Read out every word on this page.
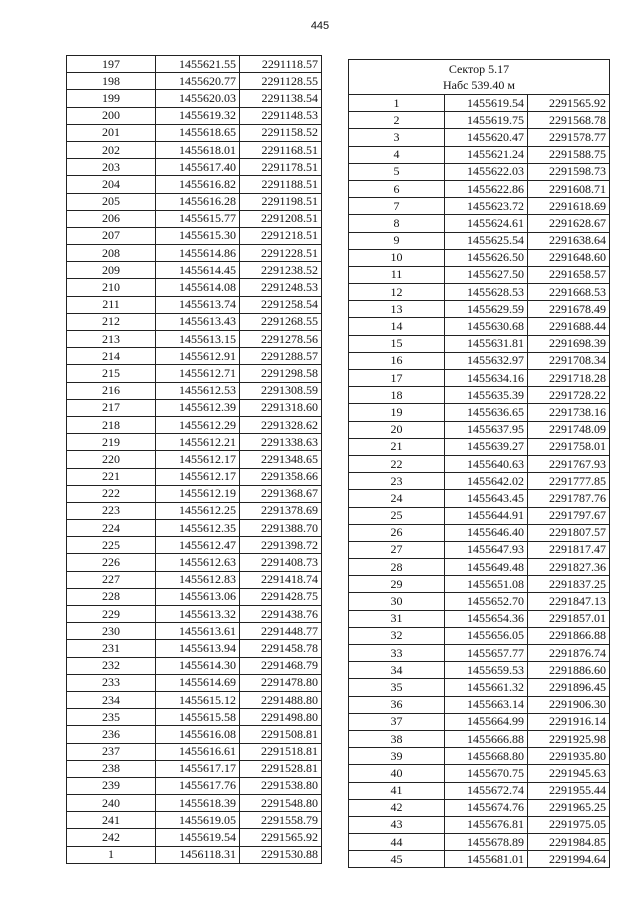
445
197	1455621.55	2291118.57
198	1455620.77	2291128.55
199	1455620.03	2291138.54
200	1455619.32	2291148.53
201	1455618.65	2291158.52
202	1455618.01	2291168.51
203	1455617.40	2291178.51
204	1455616.82	2291188.51
205	1455616.28	2291198.51
206	1455615.77	2291208.51
207	1455615.30	2291218.51
208	1455614.86	2291228.51
209	1455614.45	2291238.52
210	1455614.08	2291248.53
211	1455613.74	2291258.54
212	1455613.43	2291268.55
213	1455613.15	2291278.56
214	1455612.91	2291288.57
215	1455612.71	2291298.58
216	1455612.53	2291308.59
217	1455612.39	2291318.60
218	1455612.29	2291328.62
219	1455612.21	2291338.63
220	1455612.17	2291348.65
221	1455612.17	2291358.66
222	1455612.19	2291368.67
223	1455612.25	2291378.69
224	1455612.35	2291388.70
225	1455612.47	2291398.72
226	1455612.63	2291408.73
227	1455612.83	2291418.74
228	1455613.06	2291428.75
229	1455613.32	2291438.76
230	1455613.61	2291448.77
231	1455613.94	2291458.78
232	1455614.30	2291468.79
233	1455614.69	2291478.80
234	1455615.12	2291488.80
235	1455615.58	2291498.80
236	1455616.08	2291508.81
237	1455616.61	2291518.81
238	1455617.17	2291528.81
239	1455617.76	2291538.80
240	1455618.39	2291548.80
241	1455619.05	2291558.79
242	1455619.54	2291565.92
1	1456118.31	2291530.88
Сектор 5.17
Набс 539.40 м		

1	1455619.54	2291565.92
2	1455619.75	2291568.78
3	1455620.47	2291578.77
4	1455621.24	2291588.75
5	1455622.03	2291598.73
6	1455622.86	2291608.71
7	1455623.72	2291618.69
8	1455624.61	2291628.67
9	1455625.54	2291638.64
10	1455626.50	2291648.60
11	1455627.50	2291658.57
12	1455628.53	2291668.53
13	1455629.59	2291678.49
14	1455630.68	2291688.44
15	1455631.81	2291698.39
16	1455632.97	2291708.34
17	1455634.16	2291718.28
18	1455635.39	2291728.22
19	1455636.65	2291738.16
20	1455637.95	2291748.09
21	1455639.27	2291758.01
22	1455640.63	2291767.93
23	1455642.02	2291777.85
24	1455643.45	2291787.76
25	1455644.91	2291797.67
26	1455646.40	2291807.57
27	1455647.93	2291817.47
28	1455649.48	2291827.36
29	1455651.08	2291837.25
30	1455652.70	2291847.13
31	1455654.36	2291857.01
32	1455656.05	2291866.88
33	1455657.77	2291876.74
34	1455659.53	2291886.60
35	1455661.32	2291896.45
36	1455663.14	2291906.30
37	1455664.99	2291916.14
38	1455666.88	2291925.98
39	1455668.80	2291935.80
40	1455670.75	2291945.63
41	1455672.74	2291955.44
42	1455674.76	2291965.25
43	1455676.81	2291975.05
44	1455678.89	2291984.85
45	1455681.01	2291994.64
